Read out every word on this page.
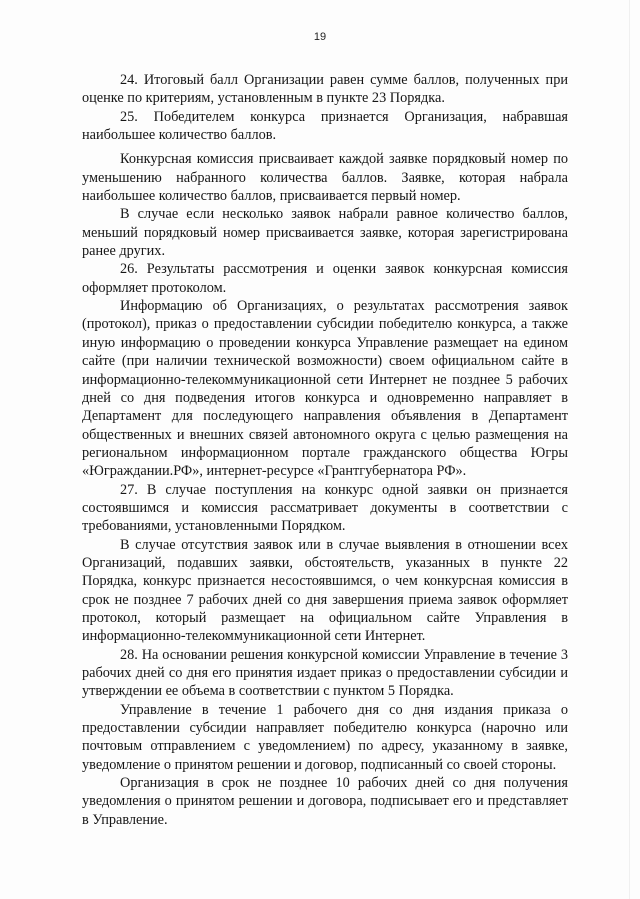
19

24. Итоговый балл Организации равен сумме баллов, полученных при оценке по критериям, установленным в пункте 23 Порядка.

25. Победителем конкурса признается Организация, набравшая наибольшее количество баллов.

Конкурсная комиссия присваивает каждой заявке порядковый номер по уменьшению набранного количества баллов. Заявке, которая набрала наибольшее количество баллов, присваивается первый номер.

В случае если несколько заявок набрали равное количество баллов, меньший порядковый номер присваивается заявке, которая зарегистрирована ранее других.

26. Результаты рассмотрения и оценки заявок конкурсная комиссия оформляет протоколом.

Информацию об Организациях, о результатах рассмотрения заявок (протокол), приказ о предоставлении субсидии победителю конкурса, а также иную информацию о проведении конкурса Управление размещает на едином сайте (при наличии технической возможности) своем официальном сайте в информационно-телекоммуникационной сети Интернет не позднее 5 рабочих дней со дня подведения итогов конкурса и одновременно направляет в Департамент для последующего направления объявления в Департамент общественных и внешних связей автономного округа с целью размещения на региональном информационном портале гражданского общества Югры «Юграждании.РФ», интернет-ресурсе «Грантгубернатора РФ».

27. В случае поступления на конкурс одной заявки он признается состоявшимся и комиссия рассматривает документы в соответствии с требованиями, установленными Порядком.

В случае отсутствия заявок или в случае выявления в отношении всех Организаций, подавших заявки, обстоятельств, указанных в пункте 22 Порядка, конкурс признается несостоявшимся, о чем конкурсная комиссия в срок не позднее 7 рабочих дней со дня завершения приема заявок оформляет протокол, который размещает на официальном сайте Управления в информационно-телекоммуникационной сети Интернет.

28. На основании решения конкурсной комиссии Управление в течение 3 рабочих дней со дня его принятия издает приказ о предоставлении субсидии и утверждении ее объема в соответствии с пунктом 5 Порядка.

Управление в течение 1 рабочего дня со дня издания приказа о предоставлении субсидии направляет победителю конкурса (нарочно или почтовым отправлением с уведомлением) по адресу, указанному в заявке, уведомление о принятом решении и договор, подписанный со своей стороны.

Организация в срок не позднее 10 рабочих дней со дня получения уведомления о принятом решении и договора, подписывает его и представляет в Управление.
